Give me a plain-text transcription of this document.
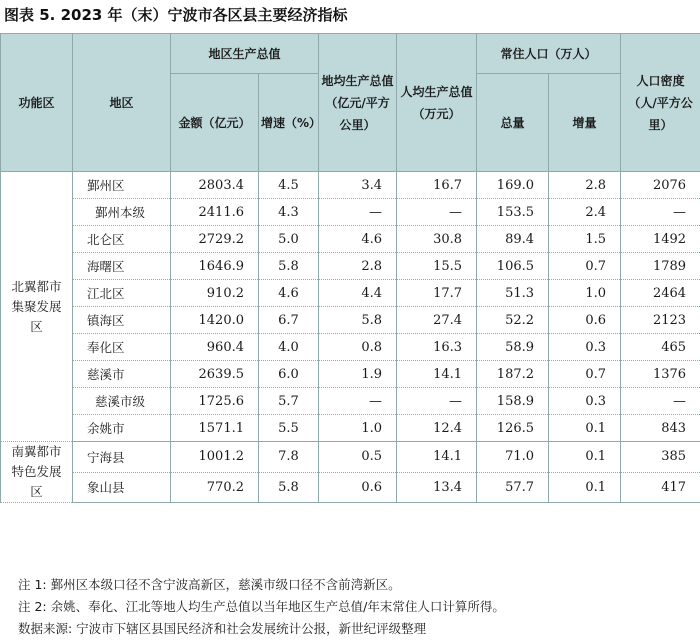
图表 5. 2023 年（末）宁波市各区县主要经济指标
功能区	地区	地区生产总值		地均生产总值（亿元/平方公里）	人均生产总值（万元）	常住人口（万人）		人口密度（人/平方公里）
		金额（亿元）	增速（%）			总量	增量	
北翼都市集聚发展区	鄞州区	2803.4	4.5	3.4	16.7	169.0	2.8	2076
	鄞州本级	2411.6	4.3	—	—	153.5	2.4	—
	北仑区	2729.2	5.0	4.6	30.8	89.4	1.5	1492
	海曙区	1646.9	5.8	2.8	15.5	106.5	0.7	1789
	江北区	910.2	4.6	4.4	17.7	51.3	1.0	2464
	镇海区	1420.0	6.7	5.8	27.4	52.2	0.6	2123
	奉化区	960.4	4.0	0.8	16.3	58.9	0.3	465
	慈溪市	2639.5	6.0	1.9	14.1	187.2	0.7	1376
	慈溪市级	1725.6	5.7	—	—	158.9	0.3	—
	余姚市	1571.1	5.5	1.0	12.4	126.5	0.1	843
南翼都市特色发展区	宁海县	1001.2	7.8	0.5	14.1	71.0	0.1	385
	象山县	770.2	5.8	0.6	13.4	57.7	0.1	417
注 1: 鄞州区本级口径不含宁波高新区，慈溪市级口径不含前湾新区。
注 2: 余姚、奉化、江北等地人均生产总值以当年地区生产总值/年末常住人口计算所得。
数据来源: 宁波市下辖区县国民经济和社会发展统计公报，新世纪评级整理
